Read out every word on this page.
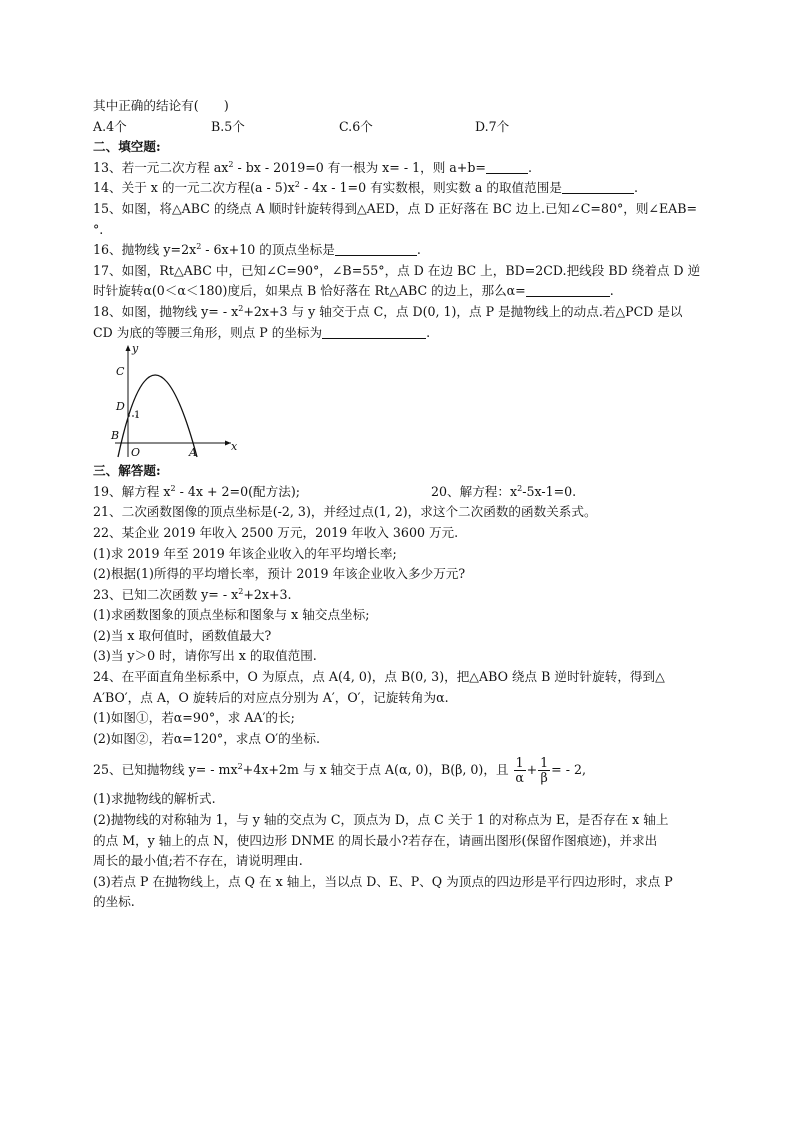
其中正确的结论有(　　)
A.4个	B.5个	C.6个	D.7个
二、填空题:
13、若一元二次方程 $ax^2$ - bx - 2019=0 有一根为 x= - 1，则 a+b=	.
14、关于 x 的一元二次方程$(a - 5)x^2 - 4x - 1=0$ 有实数根，则实数 a 的取值范围是	.
15、如图，将△ABC 的绕点 A 顺时针旋转得到△AED，点 D 正好落在 BC 边上.已知∠C=80°，则∠EAB=
°.
16、抛物线 $y=2x^2 - 6x+10$ 的顶点坐标是	.
17、如图，Rt△ABC 中，已知∠C=90°，∠B=55°，点 D 在边 BC 上，BD=2CD.把线段 BD 绕着点 D 逆
时针旋转α(0＜α＜180)度后，如果点 B 恰好落在 Rt△ABC 的边上，那么α=	.
18、如图，抛物线 $y= - x^2+2x+3$ 与 y 轴交于点 C，点 D(0, 1)，点 P 是抛物线上的动点.若△PCD 是以
CD 为底的等腰三角形，则点 P 的坐标为	.
y
x
C
D
1
B
O	A
三、解答题:
19、解方程 $x^2 - 4x + 2=0$(配方法);	20、解方程：$x^2-5x-1=0$.
21、二次函数图像的顶点坐标是(-2, 3)，并经过点(1, 2)，求这个二次函数的函数关系式。
22、某企业 2019 年收入 2500 万元，2019 年收入 3600 万元.
(1)求 2019 年至 2019 年该企业收入的年平均增长率;
(2)根据(1)所得的平均增长率，预计 2019 年该企业收入多少万元?
23、已知二次函数 $y= - x^2+2x+3$.
(1)求函数图象的顶点坐标和图象与 x 轴交点坐标;
(2)当 x 取何值时，函数值最大?
(3)当 y＞0 时，请你写出 x 的取值范围.
24、在平面直角坐标系中，O 为原点，点 A(4, 0)，点 B(0, 3)，把△ABO 绕点 B 逆时针旋转，得到△
A′BO′，点 A，O 旋转后的对应点分别为 A′，O′，记旋转角为α.
(1)如图①，若α=90°，求 AA′的长;
(2)如图②，若α=120°，求点 O′的坐标.
25、已知抛物线 $y= - mx^2+4x+2m$ 与 x 轴交于点 A(α, 0)，B(β, 0)，且 $\frac{1}{\alpha} + \frac{1}{\beta}$ = - 2,
(1)求抛物线的解析式.
(2)抛物线的对称轴为 1，与 y 轴的交点为 C，顶点为 D，点 C 关于 1 的对称点为 E，是否存在 x 轴上
的点 M，y 轴上的点 N，使四边形 DNME 的周长最小?若存在，请画出图形(保留作图痕迹)，并求出
周长的最小值;若不存在，请说明理由.
(3)若点 P 在抛物线上，点 Q 在 x 轴上，当以点 D、E、P、Q 为顶点的四边形是平行四边形时，求点 P
的坐标.
